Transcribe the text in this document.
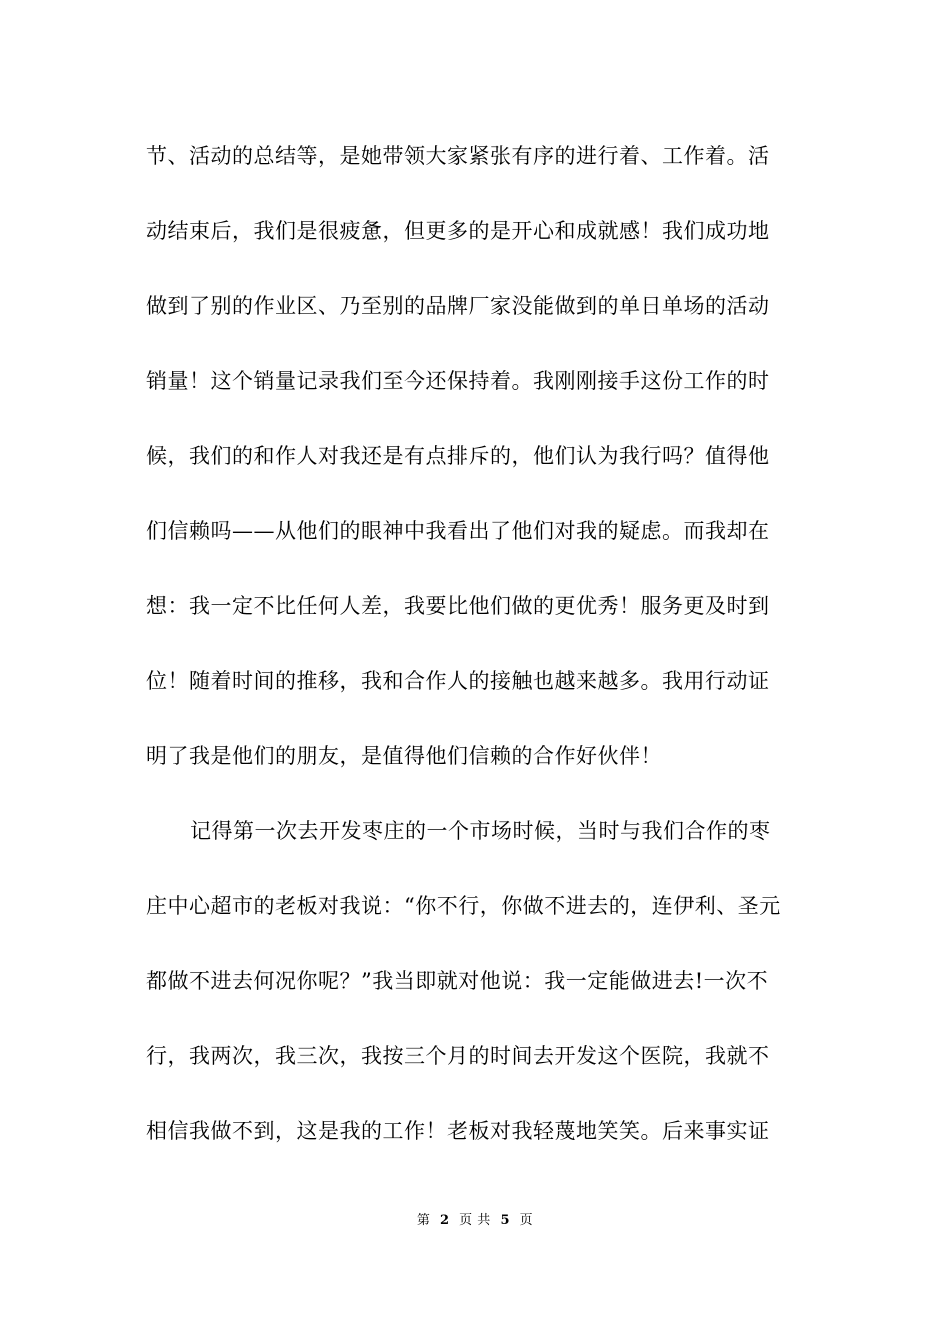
节、活动的总结等，是她带领大家紧张有序的进行着、工作着。活
动结束后，我们是很疲惫，但更多的是开心和成就感！我们成功地
做到了别的作业区、乃至别的品牌厂家没能做到的单日单场的活动
销量！这个销量记录我们至今还保持着。我刚刚接手这份工作的时
候，我们的和作人对我还是有点排斥的，他们认为我行吗？值得他
们信赖吗——从他们的眼神中我看出了他们对我的疑虑。而我却在
想：我一定不比任何人差，我要比他们做的更优秀！服务更及时到
位！随着时间的推移，我和合作人的接触也越来越多。我用行动证
明了我是他们的朋友，是值得他们信赖的合作好伙伴！
记得第一次去开发枣庄的一个市场时候，当时与我们合作的枣
庄中心超市的老板对我说：“你不行，你做不进去的，连伊利、圣元
都做不进去何况你呢？”我当即就对他说：我一定能做进去!一次不
行，我两次，我三次，我按三个月的时间去开发这个医院，我就不
相信我做不到，这是我的工作！老板对我轻蔑地笑笑。后来事实证
第 2 页 共 5 页
